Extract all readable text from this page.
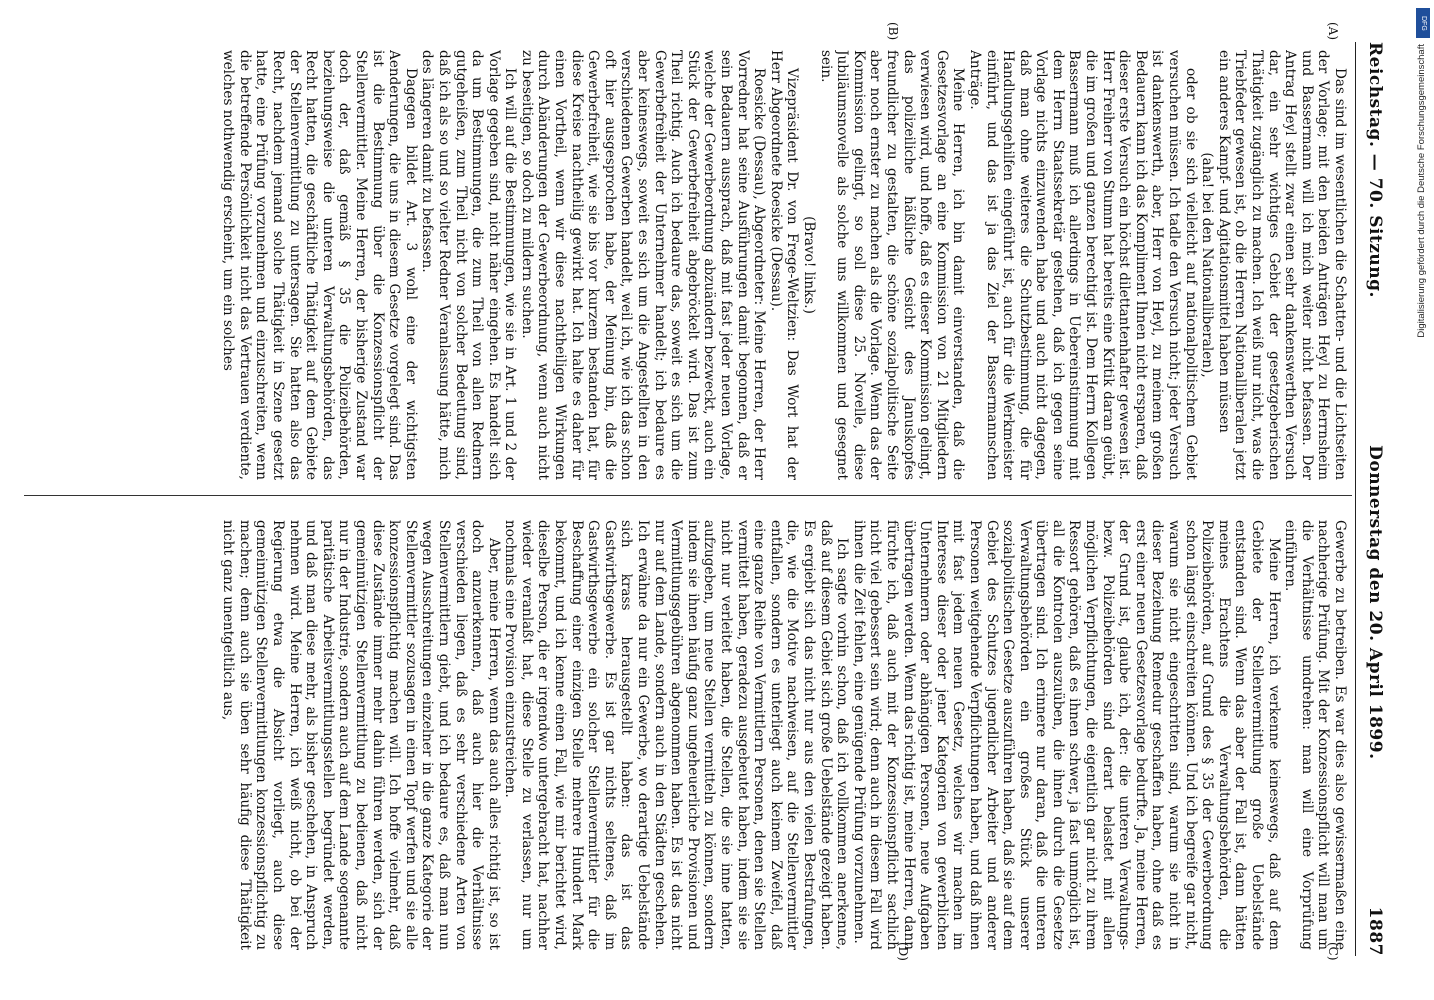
Reichstag. — 70. Sitzung.
Donnerstag den 20. April 1899.
1887
(A)
(B)
(C)
(D)

Das sind im wesentlichen die Schatten- und die Lichtseiten der Vorlage; mit den beiden Anträgen Heyl zu Herrnsheim und Bassermann will ich mich weiter nicht befassen. Der Antrag Heyl stellt zwar einen sehr dankenswerthen Versuch dar, ein sehr wichtiges Gebiet der gesetzgeberischen Thätigkeit zugänglich zu machen. Ich weiß nur nicht, was die Triebfeder gewesen ist, ob die Herren Nationalliberalen jetzt ein anderes Kampf- und Agitationsmittel haben müssen

(aha! bei den Nationalliberalen),

oder ob sie sich vielleicht auf nationalpolitischem Gebiet versuchen müssen. Ich tadle den Versuch nicht; jeder Versuch ist dankenswerth, aber, Herr von Heyl, zu meinem großen Bedauern kann ich das Kompliment Ihnen nicht ersparen, daß dieser erste Versuch ein höchst dilettantenhafter gewesen ist. Herr Freiherr von Stumm hat bereits eine Kritik daran geübt, die im großen und ganzen berechtigt ist. Dem Herrn Kollegen Bassermann muß ich allerdings in Uebereinstimmung mit dem Herrn Staatssekretär gestehen, daß ich gegen seine Vorlage nichts einzuwenden habe und auch nicht dagegen, daß man ohne weiteres die Schutzbestimmung, die für Handlungsgehilfen eingeführt ist, auch für die Werkmeister einführt, und das ist ja das Ziel der Bassermannschen Anträge.

Meine Herren, ich bin damit einverstanden, daß die Gesetzesvorlage an eine Kommission von 21 Mitgliedern verwiesen wird, und hoffe, daß es dieser Kommission gelingt, das polizeiliche häßliche Gesicht des Januskopfes freundlicher zu gestalten, die schöne sozialpolitische Seite aber noch ernster zu machen als die Vorlage. Wenn das der Kommission gelingt, so soll diese 25. Novelle, diese Jubiläumsnovelle als solche uns willkommen und gesegnet sein.

(Bravo! links.)

Vizepräsident Dr. von Frege-Weltzien: Das Wort hat der Herr Abgeordnete Roesicke (Dessau).

Roesicke (Dessau), Abgeordneter: Meine Herren, der Herr Vorredner hat seine Ausführungen damit begonnen, daß er sein Bedauern aussprach, daß mit fast jeder neuen Vorlage, welche der Gewerbeordnung abzuändern bezweckt, auch ein Stück der Gewerbefreiheit abgebröckelt wird. Das ist zum Theil richtig. Auch ich bedaure das, soweit es sich um die Gewerbefreiheit der Unternehmer handelt; ich bedaure es aber keineswegs, soweit es sich um die Angestellten in den verschiedenen Gewerben handelt, weil ich, wie ich das schon oft hier ausgesprochen habe, der Meinung bin, daß die Gewerbefreiheit, wie sie bis vor kurzem bestanden hat, für diese Kreise nachtheilig gewirkt hat. Ich halte es daher für einen Vortheil, wenn wir diese nachtheiligen Wirkungen durch Abänderungen der Gewerbeordnung, wenn auch nicht zu beseitigen, so doch zu mildern suchen.

Ich will auf die Bestimmungen, wie sie in Art. 1 und 2 der Vorlage gegeben sind, nicht näher eingehen. Es handelt sich da um Bestimmungen, die zum Theil von allen Rednern gutgeheißen, zum Theil nicht von solcher Bedeutung sind, daß ich als so und so vielter Redner Veranlassung hätte, mich des längeren damit zu befassen.

Dagegen bildet Art. 3 wohl eine der wichtigsten Aenderungen, die uns in diesem Gesetze vorgelegt sind. Das ist die Bestimmung über die Konzessionspflicht der Stellenvermittler. Meine Herren, der bisherige Zustand war doch der, daß gemäß § 35 die Polizeibehörden, beziehungsweise die unteren Verwaltungsbehörden, das Recht hatten, die geschäftliche Thätigkeit auf dem Gebiete der Stellenvermittlung zu untersagen. Sie hatten also das Recht, nachdem jemand solche Thätigkeit in Szene gesetzt hatte, eine Prüfung vorzunehmen und einzuschreiten, wenn die betreffende Persönlichkeit nicht das Vertrauen verdiente, welches nothwendig erscheint, um ein solches

Gewerbe zu betreiben. Es war dies also gewissermaßen eine nachherige Prüfung. Mit der Konzessionspflicht will man um die Verhältnisse umdrehen: man will eine Vorprüfung einführen.

Meine Herren, ich verkenne keineswegs, daß auf dem Gebiete der Stellenvermittlung große Uebelstände entstanden sind. Wenn das aber der Fall ist, dann hätten meines Erachtens die Verwaltungsbehörden, die Polizeibehörden, auf Grund des § 35 der Gewerbeordnung schon längst einschreiten können. Und ich begreife gar nicht, warum sie nicht eingeschritten sind, warum sie nicht in dieser Beziehung Remedur geschaffen haben, ohne daß es erst einer neuen Gesetzesvorlage bedurfte. Ja, meine Herren, der Grund ist, glaube ich, der: die unteren Verwaltungs- bezw. Polizeibehörden sind derart belastet mit allen möglichen Verpflichtungen, die eigentlich gar nicht zu ihrem Ressort gehören, daß es ihnen schwer, ja fast unmöglich ist, all die Kontrolen auszuüben, die ihnen durch die Gesetze übertragen sind. Ich erinnere nur daran, daß die unteren Verwaltungsbehörden ein großes Stück unserer sozialpolitischen Gesetze auszuführen haben, daß sie auf dem Gebiet des Schutzes jugendlicher Arbeiter und anderer Personen weitgehende Verpflichtungen haben, und daß ihnen mit fast jedem neuen Gesetz, welches wir machen im Interesse dieser oder jener Kategorien von gewerblichen Unternehmern oder abhängigen Personen, neue Aufgaben übertragen werden. Wenn das richtig ist, meine Herren, dann fürchte ich, daß auch mit der Konzessionspflicht sachlich nicht viel gebessert sein wird; denn auch in diesem Fall wird ihnen die Zeit fehlen, eine genügende Prüfung vorzunehmen.

Ich sagte vorhin schon, daß ich vollkommen anerkenne, daß auf diesem Gebiet sich große Uebelstände gezeigt haben. Es ergiebt sich das nicht nur aus den vielen Bestrafungen, die, wie die Motive nachweisen, auf die Stellenvermittler entfallen, sondern es unterliegt auch keinem Zweifel, daß eine ganze Reihe von Vermittlern Personen, denen sie Stellen vermittelt haben, geradezu ausgebeutet haben, indem sie sie nicht nur verleitet haben, die Stellen, die sie inne hatten, aufzugeben, um neue Stellen vermitteln zu können, sondern indem sie ihnen häufig ganz ungeheuerliche Provisionen und Vermittlungsgebühren abgenommen haben. Es ist das nicht nur auf dem Lande, sondern auch in den Städten geschehen. Ich erwähne da nur ein Gewerbe, wo derartige Uebelstände sich krass herausgestellt haben: das ist das Gastwirthsgewerbe. Es ist gar nichts seltenes, daß im Gastwirthsgewerbe ein solcher Stellenvermittler für die Beschaffung einer einzigen Stelle mehrere Hundert Mark bekommt, und ich kenne einen Fall, wie mir berichtet wird, dieselbe Person, die er irgendwo untergebracht hat, nachher wieder veranlaßt hat, diese Stelle zu verlassen, nur um nochmals eine Provision einzustreichen.

Aber, meine Herren, wenn das auch alles richtig ist, so ist doch anzuerkennen, daß auch hier die Verhältnisse verschieden liegen, daß es sehr verschiedene Arten von Stellenvermittlern giebt, und ich bedaure es, daß man nun wegen Ausschreitungen einzelner in die ganze Kategorie der Stellenvermittler sozusagen in einen Topf werfen und sie alle konzessionspflichtig machen will. Ich hoffe vielmehr, daß diese Zustände immer mehr dahin führen werden, sich der gemeinnützigen Stellenvermittlung zu bedienen, daß nicht nur in der Industrie, sondern auch auf dem Lande sogenannte paritätische Arbeitsvermittlungsstellen begründet werden, und daß man diese mehr, als bisher geschehen, in Anspruch nehmen wird. Meine Herren, ich weiß nicht, ob bei der Regierung etwa die Absicht vorliegt, auch diese gemeinnützigen Stellenvermittlungen konzessionspflichtig zu machen; denn auch sie üben sehr häufig diese Thätigkeit nicht ganz unentgeltlich aus,

DFG
Digitalisierung gefördert durch die Deutsche Forschungsgemeinschaft
